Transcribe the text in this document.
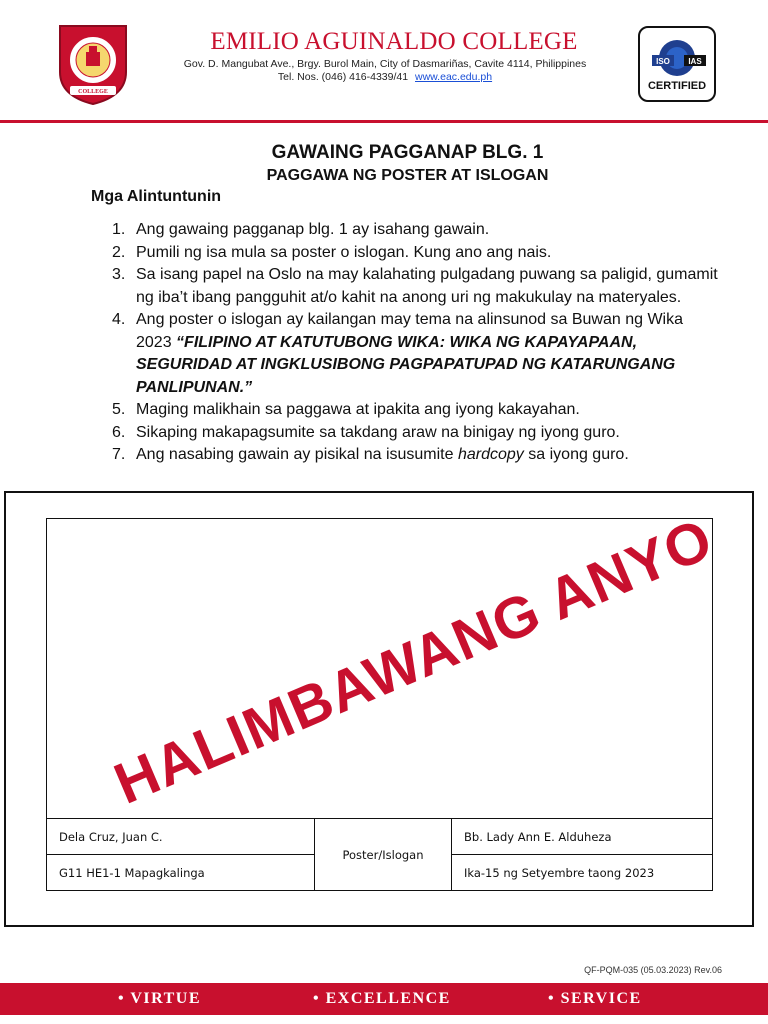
COLLEGE
EMILIO AGUINALDO COLLEGE
Gov. D. Mangubat Ave., Brgy. Burol Main, City of Dasmariñas, Cavite 4114, Philippines
Tel. Nos. (046) 416-4339/41 www.eac.edu.ph
ISO IAS
CERTIFIED
GAWAING PAGGANAP BLG. 1
PAGGAWA NG POSTER AT ISLOGAN
Mga Alintuntunin
1. Ang gawaing pagganap blg. 1 ay isahang gawain.
2. Pumili ng isa mula sa poster o islogan. Kung ano ang nais.
3. Sa isang papel na Oslo na may kalahating pulgadang puwang sa paligid, gumamit ng iba’t ibang pangguhit at/o kahit na anong uri ng makukulay na materyales.
4. Ang poster o islogan ay kailangan may tema na alinsunod sa Buwan ng Wika 2023 “FILIPINO AT KATUTUBONG WIKA: WIKA NG KAPAYAPAAN, SEGURIDAD AT INGKLUSIBONG PAGPAPATUPAD NG KATARUNGANG PANLIPUNAN.”
5. Maging malikhain sa paggawa at ipakita ang iyong kakayahan.
6. Sikaping makapagsumite sa takdang araw na binigay ng iyong guro.
7. Ang nasabing gawain ay pisikal na isusumite hardcopy sa iyong guro.
HALIMBAWANG ANYO
Dela Cruz, Juan C.	Poster/Islogan	Bb. Lady Ann E. Alduheza
G11 HE1-1 Mapagkalinga		Ika-15 ng Setyembre taong 2023
QF-PQM-035 (05.03.2023) Rev.06
• VIRTUE	• EXCELLENCE	• SERVICE
